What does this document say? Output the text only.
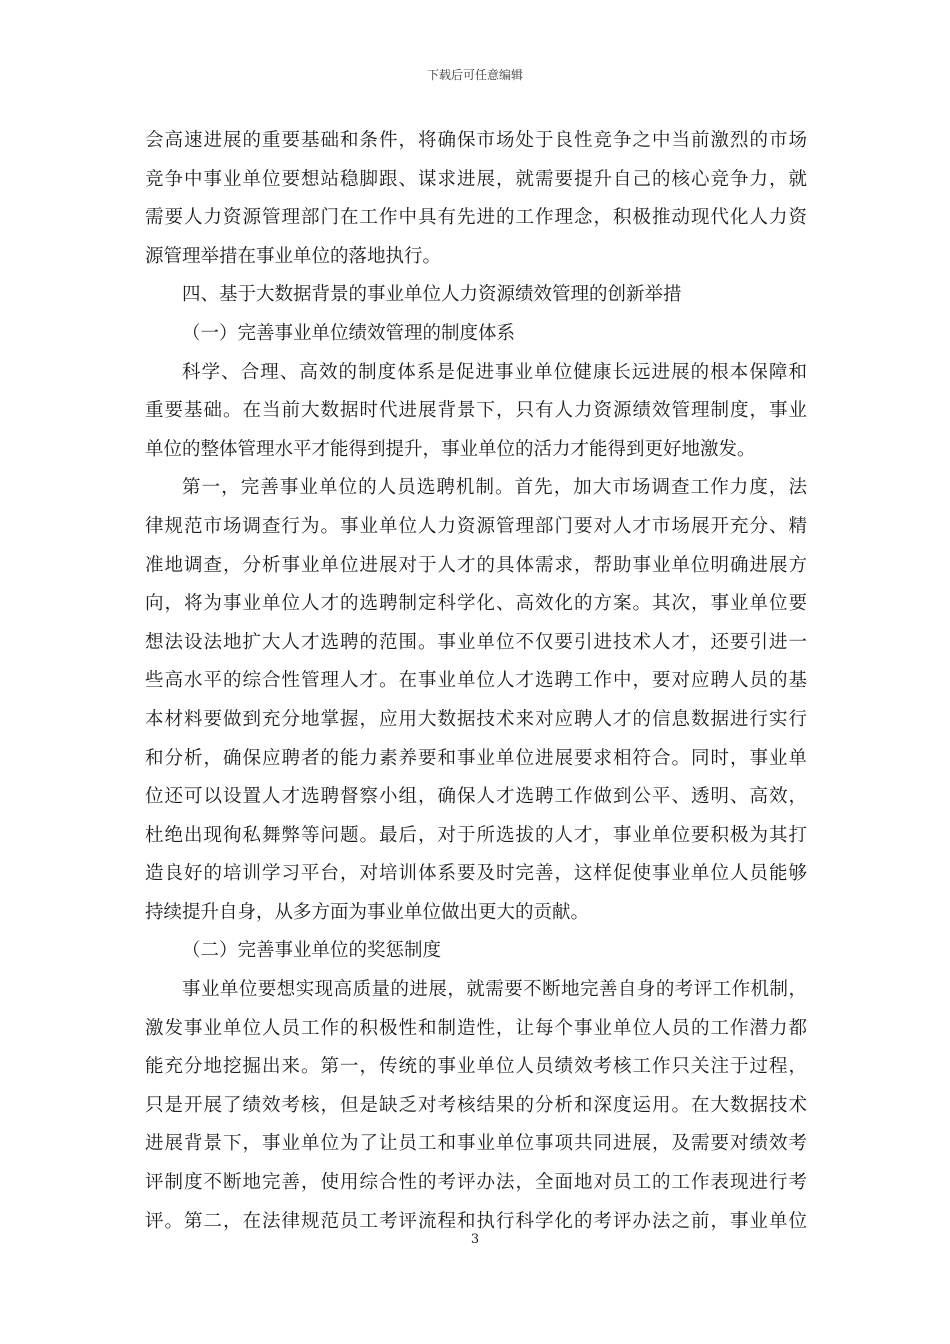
下载后可任意编辑
会高速进展的重要基础和条件，将确保市场处于良性竞争之中当前激烈的市场
竞争中事业单位要想站稳脚跟、谋求进展，就需要提升自己的核心竞争力，就
需要人力资源管理部门在工作中具有先进的工作理念，积极推动现代化人力资
源管理举措在事业单位的落地执行。
四、基于大数据背景的事业单位人力资源绩效管理的创新举措
（一）完善事业单位绩效管理的制度体系
科学、合理、高效的制度体系是促进事业单位健康长远进展的根本保障和
重要基础。在当前大数据时代进展背景下，只有人力资源绩效管理制度，事业
单位的整体管理水平才能得到提升，事业单位的活力才能得到更好地激发。
第一，完善事业单位的人员选聘机制。首先，加大市场调查工作力度，法
律规范市场调查行为。事业单位人力资源管理部门要对人才市场展开充分、精
准地调查，分析事业单位进展对于人才的具体需求，帮助事业单位明确进展方
向，将为事业单位人才的选聘制定科学化、高效化的方案。其次，事业单位要
想法设法地扩大人才选聘的范围。事业单位不仅要引进技术人才，还要引进一
些高水平的综合性管理人才。在事业单位人才选聘工作中，要对应聘人员的基
本材料要做到充分地掌握，应用大数据技术来对应聘人才的信息数据进行实行
和分析，确保应聘者的能力素养要和事业单位进展要求相符合。同时，事业单
位还可以设置人才选聘督察小组，确保人才选聘工作做到公平、透明、高效，
杜绝出现徇私舞弊等问题。最后，对于所选拔的人才，事业单位要积极为其打
造良好的培训学习平台，对培训体系要及时完善，这样促使事业单位人员能够
持续提升自身，从多方面为事业单位做出更大的贡献。
（二）完善事业单位的奖惩制度
事业单位要想实现高质量的进展，就需要不断地完善自身的考评工作机制，
激发事业单位人员工作的积极性和制造性，让每个事业单位人员的工作潜力都
能充分地挖掘出来。第一，传统的事业单位人员绩效考核工作只关注于过程，
只是开展了绩效考核，但是缺乏对考核结果的分析和深度运用。在大数据技术
进展背景下，事业单位为了让员工和事业单位事项共同进展，及需要对绩效考
评制度不断地完善，使用综合性的考评办法，全面地对员工的工作表现进行考
评。第二，在法律规范员工考评流程和执行科学化的考评办法之前，事业单位
3
